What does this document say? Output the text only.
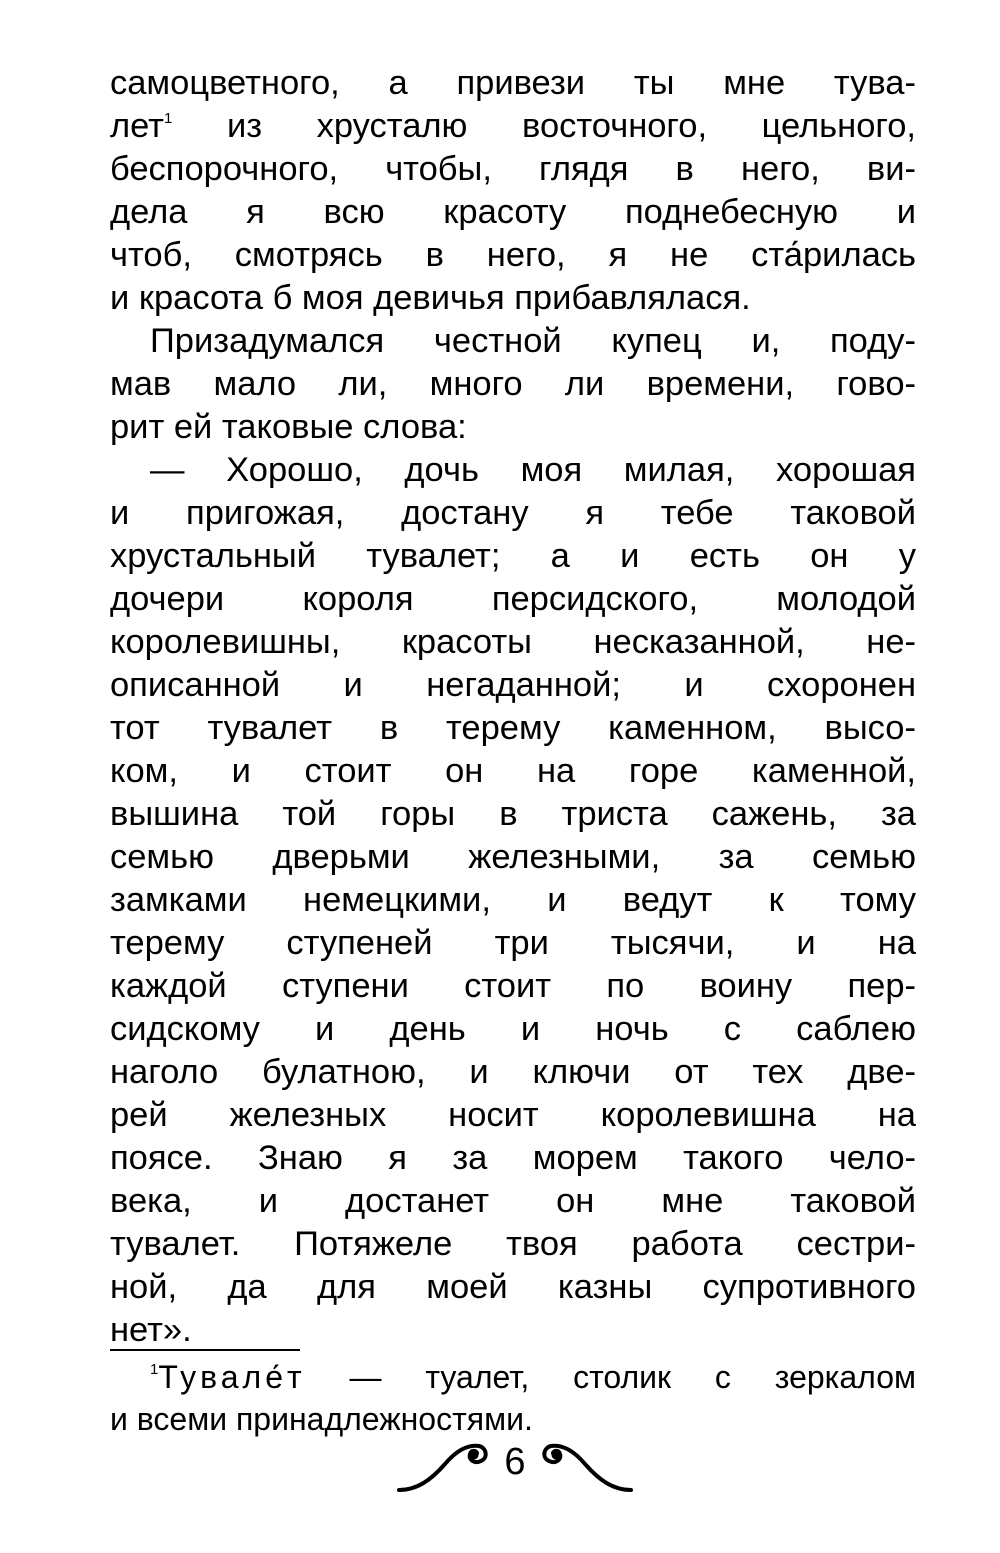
самоцветного, а привези ты мне тува-
лет$^1$ из хрусталю восточного, цельного,
беспорочного, чтобы, глядя в него, ви-
дела я всю красоту поднебесную и
чтоб, смотрясь в него, я не ста́рилась
и красота б моя девичья прибавлялася.
Призадумался честной купец и, поду-
мав мало ли, много ли времени, гово-
рит ей таковые слова:
— Хорошо, дочь моя милая, хорошая
и пригожая, достану я тебе таковой
хрустальный тувалет; а и есть он у
дочери короля персидского, молодой
королевишны, красоты несказанной, не-
описанной и негаданной; и схоронен
тот тувалет в терему каменном, высо-
ком, и стоит он на горе каменной,
вышина той горы в триста сажень, за
семью дверьми железными, за семью
замками немецкими, и ведут к тому
терему ступеней три тысячи, и на
каждой ступени стоит по воину пер-
сидскому и день и ночь с саблею
наголо булатною, и ключи от тех две-
рей железных носит королевишна на
поясе. Знаю я за морем такого чело-
века, и достанет он мне таковой
тувалет. Потяжеле твоя работа сестри-
ной, да для моей казны супротивного
нет».
$^1$Тувале́т — туалет, столик с зеркалом
и всеми принадлежностями.
6
